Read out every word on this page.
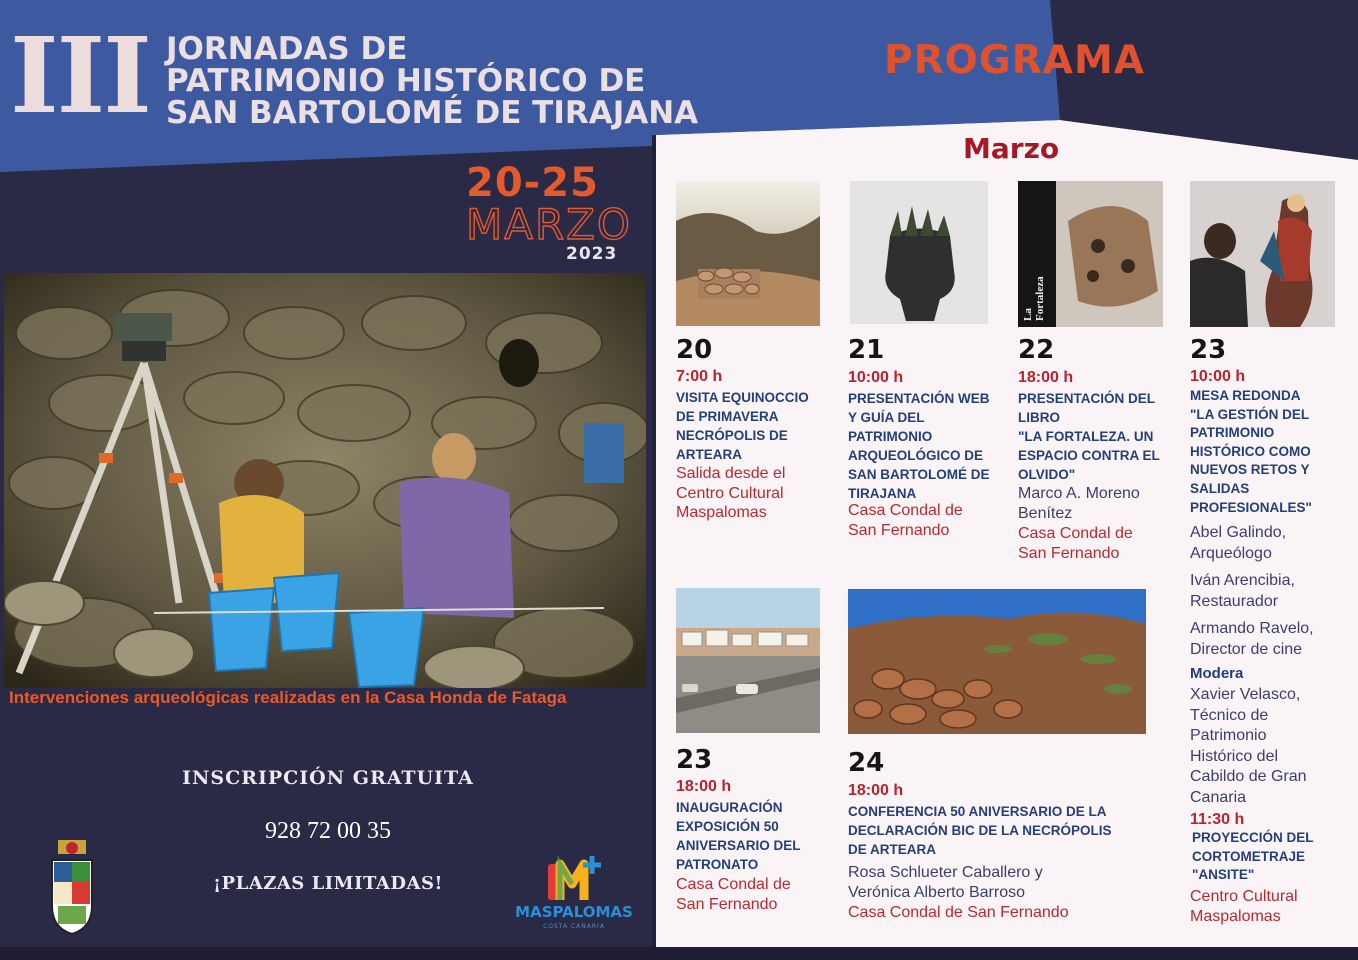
III JORNADAS DE
PATRIMONIO HISTÓRICO DE
SAN BARTOLOMÉ DE TIRAJANA
PROGRAMA
Marzo
20-25
MARZO
2023
Intervenciones arqueológicas realizadas en la Casa Honda de Fataga
INSCRIPCIÓN GRATUITA
928 72 00 35
¡PLAZAS LIMITADAS!
MASPALOMAS
COSTA CANARIA
La Fortaleza
20
7:00 h
VISITA EQUINOCCIO
DE PRIMAVERA
NECRÓPOLIS DE
ARTEARA
Salida desde el
Centro Cultural
Maspalomas
21
10:00 h
PRESENTACIÓN WEB
Y GUÍA DEL
PATRIMONIO
ARQUEOLÓGICO DE
SAN BARTOLOMÉ DE
TIRAJANA
Casa Condal de
San Fernando
22
18:00 h
PRESENTACIÓN DEL
LIBRO
"LA FORTALEZA. UN
ESPACIO CONTRA EL
OLVIDO"
Marco A. Moreno
Benítez
Casa Condal de
San Fernando
23
10:00 h
MESA REDONDA
"LA GESTIÓN DEL
PATRIMONIO
HISTÓRICO COMO
NUEVOS RETOS Y
SALIDAS
PROFESIONALES"
Abel Galindo,
Arqueólogo
Iván Arencibia,
Restaurador
Armando Ravelo,
Director de cine
Modera
Xavier Velasco,
Técnico de
Patrimonio
Histórico del
Cabildo de Gran
Canaria
11:30 h
PROYECCIÓN DEL
CORTOMETRAJE
"ANSITE"
Centro Cultural
Maspalomas
23
18:00 h
INAUGURACIÓN
EXPOSICIÓN 50
ANIVERSARIO DEL
PATRONATO
Casa Condal de
San Fernando
24
18:00 h
CONFERENCIA 50 ANIVERSARIO DE LA
DECLARACIÓN BIC DE LA NECRÓPOLIS
DE ARTEARA
Rosa Schlueter Caballero y
Verónica Alberto Barroso
Casa Condal de San Fernando
